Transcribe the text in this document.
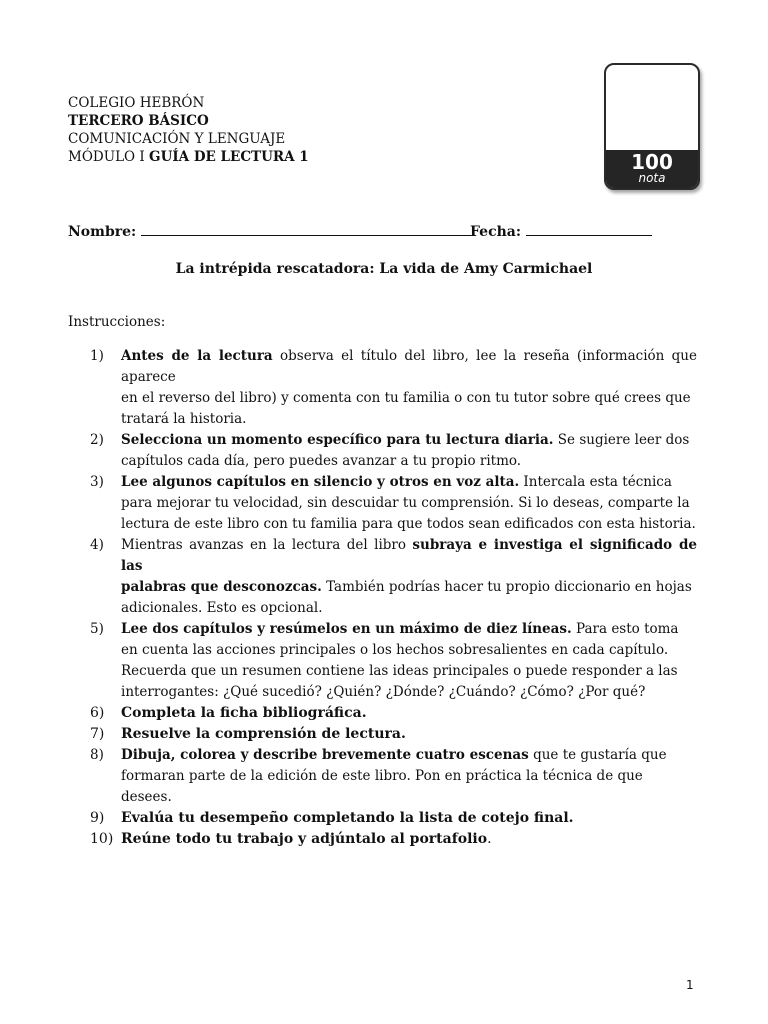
COLEGIO HEBRÓN
TERCERO BÁSICO
COMUNICACIÓN Y LENGUAJE
MÓDULO I GUÍA DE LECTURA 1	100
nota
Nombre:	Fecha:
La intrépida rescatadora: La vida de Amy Carmichael
Instrucciones:
1) Antes de la lectura observa el título del libro, lee la reseña (información que aparece
en el reverso del libro) y comenta con tu familia o con tu tutor sobre qué crees que
tratará la historia.
2) Selecciona un momento específico para tu lectura diaria. Se sugiere leer dos
capítulos cada día, pero puedes avanzar a tu propio ritmo.
3) Lee algunos capítulos en silencio y otros en voz alta. Intercala esta técnica
para mejorar tu velocidad, sin descuidar tu comprensión. Si lo deseas, comparte la
lectura de este libro con tu familia para que todos sean edificados con esta historia.
4) Mientras avanzas en la lectura del libro subraya e investiga el significado de las
palabras que desconozcas. También podrías hacer tu propio diccionario en hojas
adicionales. Esto es opcional.
5) Lee dos capítulos y resúmelos en un máximo de diez líneas. Para esto toma
en cuenta las acciones principales o los hechos sobresalientes en cada capítulo.
Recuerda que un resumen contiene las ideas principales o puede responder a las
interrogantes: ¿Qué sucedió? ¿Quién? ¿Dónde? ¿Cuándo? ¿Cómo? ¿Por qué?
6) Completa la ficha bibliográfica.
7) Resuelve la comprensión de lectura.
8) Dibuja, colorea y describe brevemente cuatro escenas que te gustaría que
formaran parte de la edición de este libro. Pon en práctica la técnica de que
desees.
9) Evalúa tu desempeño completando la lista de cotejo final.
10) Reúne todo tu trabajo y adjúntalo al portafolio.
1
